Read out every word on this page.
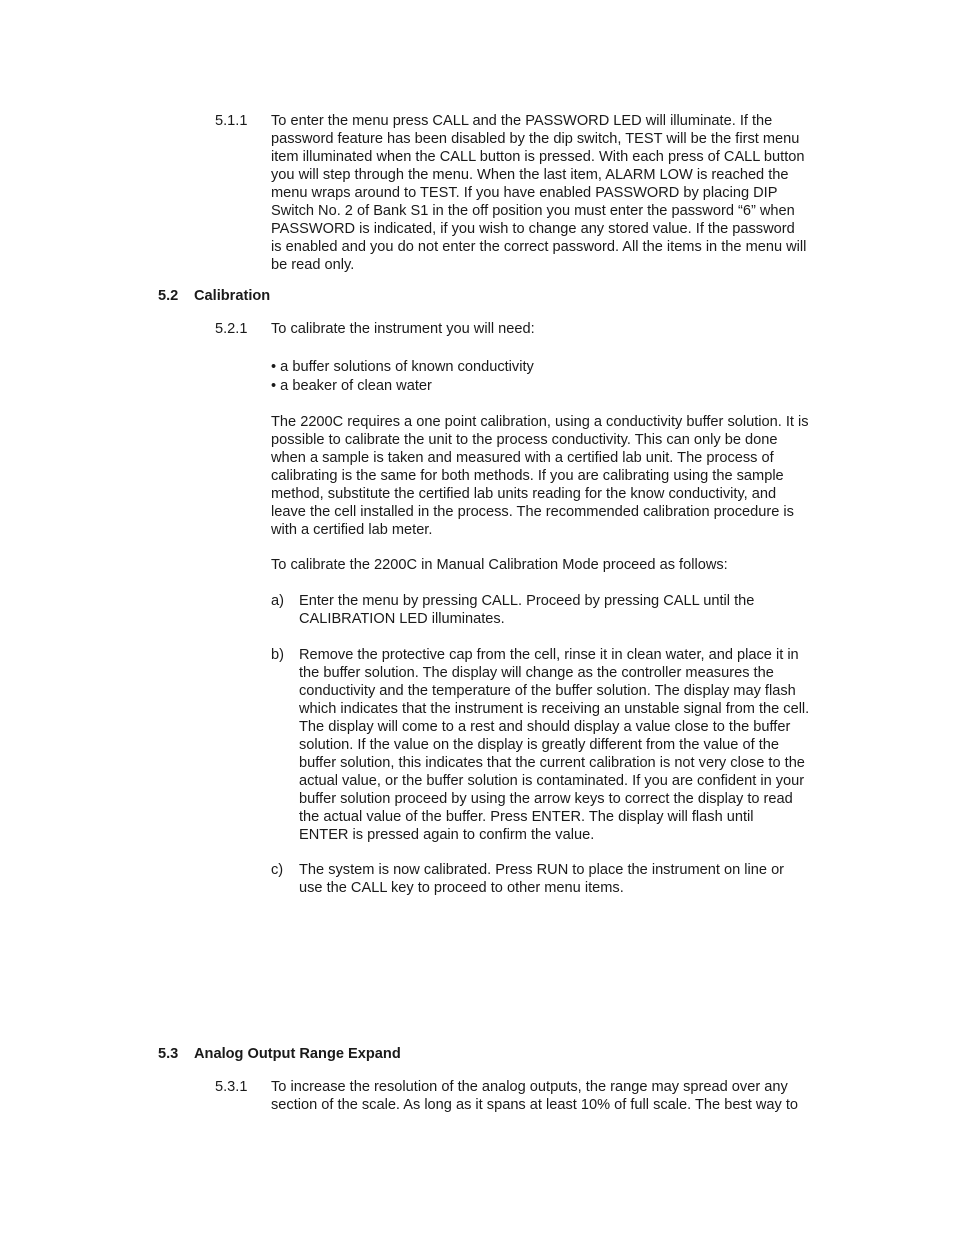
5.1.1 To enter the menu press CALL and the PASSWORD LED will illuminate. If the
password feature has been disabled by the dip switch, TEST will be the first menu
item illuminated when the CALL button is pressed. With each press of CALL button
you will step through the menu. When the last item, ALARM LOW is reached the
menu wraps around to TEST. If you have enabled PASSWORD by placing DIP
Switch No. 2 of Bank S1 in the off position you must enter the password “6” when
PASSWORD is indicated, if you wish to change any stored value. If the password
is enabled and you do not enter the correct password. All the items in the menu will
be read only.
5.2 Calibration
5.2.1 To calibrate the instrument you will need:
• a buffer solutions of known conductivity
• a beaker of clean water
The 2200C requires a one point calibration, using a conductivity buffer solution. It is
possible to calibrate the unit to the process conductivity. This can only be done
when a sample is taken and measured with a certified lab unit. The process of
calibrating is the same for both methods. If you are calibrating using the sample
method, substitute the certified lab units reading for the know conductivity, and
leave the cell installed in the process. The recommended calibration procedure is
with a certified lab meter.
To calibrate the 2200C in Manual Calibration Mode proceed as follows:
a) Enter the menu by pressing CALL. Proceed by pressing CALL until the
CALIBRATION LED illuminates.
b) Remove the protective cap from the cell, rinse it in clean water, and place it in
the buffer solution. The display will change as the controller measures the
conductivity and the temperature of the buffer solution. The display may flash
which indicates that the instrument is receiving an unstable signal from the cell.
The display will come to a rest and should display a value close to the buffer
solution. If the value on the display is greatly different from the value of the
buffer solution, this indicates that the current calibration is not very close to the
actual value, or the buffer solution is contaminated. If you are confident in your
buffer solution proceed by using the arrow keys to correct the display to read
the actual value of the buffer. Press ENTER. The display will flash until
ENTER is pressed again to confirm the value.
c) The system is now calibrated. Press RUN to place the instrument on line or
use the CALL key to proceed to other menu items.
5.3 Analog Output Range Expand
5.3.1 To increase the resolution of the analog outputs, the range may spread over any
section of the scale. As long as it spans at least 10% of full scale. The best way to
